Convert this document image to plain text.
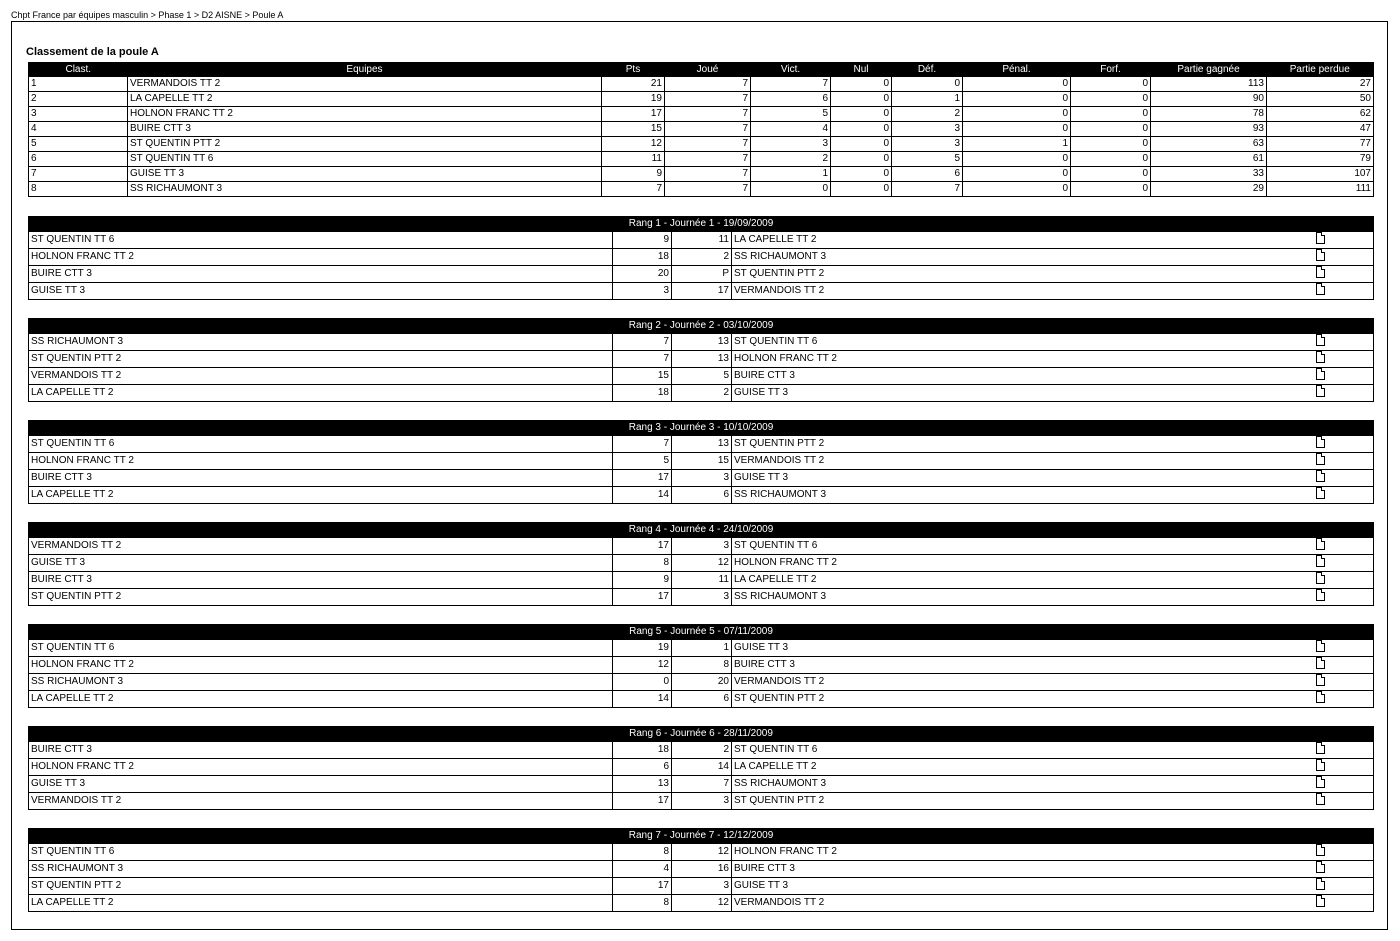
Chpt France par équipes masculin > Phase 1 > D2 AISNE > Poule A
Classement de la poule A
Clast.	Equipes	Pts	Joué	Vict.	Nul	Déf.	Pénal.	Forf.	Partie gagnée	Partie perdue
1	VERMANDOIS TT 2	21	7	7	0	0	0	0	113	27
2	LA CAPELLE TT 2	19	7	6	0	1	0	0	90	50
3	HOLNON FRANC TT 2	17	7	5	0	2	0	0	78	62
4	BUIRE CTT 3	15	7	4	0	3	0	0	93	47
5	ST QUENTIN PTT 2	12	7	3	0	3	1	0	63	77
6	ST QUENTIN TT 6	11	7	2	0	5	0	0	61	79
7	GUISE TT 3	9	7	1	0	6	0	0	33	107
8	SS RICHAUMONT 3	7	7	0	0	7	0	0	29	111
Rang 1 - Journée 1 - 19/09/2009				
ST QUENTIN TT 6	9	11	LA CAPELLE TT 2	
HOLNON FRANC TT 2	18	2	SS RICHAUMONT 3	
BUIRE CTT 3	20	P	ST QUENTIN PTT 2	
GUISE TT 3	3	17	VERMANDOIS TT 2	
Rang 2 - Journée 2 - 03/10/2009				
SS RICHAUMONT 3	7	13	ST QUENTIN TT 6	
ST QUENTIN PTT 2	7	13	HOLNON FRANC TT 2	
VERMANDOIS TT 2	15	5	BUIRE CTT 3	
LA CAPELLE TT 2	18	2	GUISE TT 3	
Rang 3 - Journée 3 - 10/10/2009				
ST QUENTIN TT 6	7	13	ST QUENTIN PTT 2	
HOLNON FRANC TT 2	5	15	VERMANDOIS TT 2	
BUIRE CTT 3	17	3	GUISE TT 3	
LA CAPELLE TT 2	14	6	SS RICHAUMONT 3	
Rang 4 - Journée 4 - 24/10/2009				
VERMANDOIS TT 2	17	3	ST QUENTIN TT 6	
GUISE TT 3	8	12	HOLNON FRANC TT 2	
BUIRE CTT 3	9	11	LA CAPELLE TT 2	
ST QUENTIN PTT 2	17	3	SS RICHAUMONT 3	
Rang 5 - Journée 5 - 07/11/2009				
ST QUENTIN TT 6	19	1	GUISE TT 3	
HOLNON FRANC TT 2	12	8	BUIRE CTT 3	
SS RICHAUMONT 3	0	20	VERMANDOIS TT 2	
LA CAPELLE TT 2	14	6	ST QUENTIN PTT 2	
Rang 6 - Journée 6 - 28/11/2009				
BUIRE CTT 3	18	2	ST QUENTIN TT 6	
HOLNON FRANC TT 2	6	14	LA CAPELLE TT 2	
GUISE TT 3	13	7	SS RICHAUMONT 3	
VERMANDOIS TT 2	17	3	ST QUENTIN PTT 2	
Rang 7 - Journée 7 - 12/12/2009				
ST QUENTIN TT 6	8	12	HOLNON FRANC TT 2	
SS RICHAUMONT 3	4	16	BUIRE CTT 3	
ST QUENTIN PTT 2	17	3	GUISE TT 3	
LA CAPELLE TT 2	8	12	VERMANDOIS TT 2	
